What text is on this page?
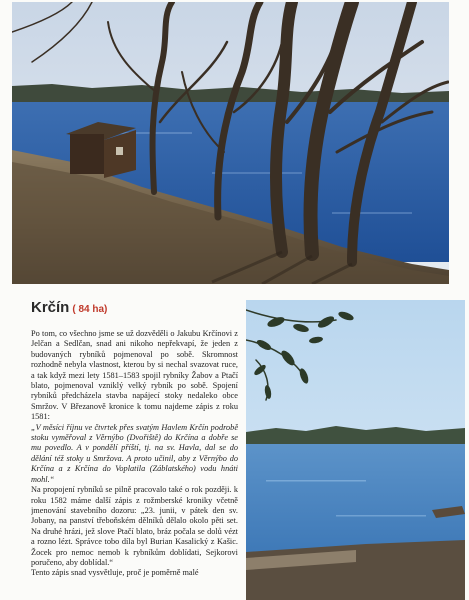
Krčín ( 84 ha)

Po tom, co všechno jsme se už dozvěděli o Jakubu Krčínovi z Jelčan a Sedlčan, snad ani nikoho nepřekvapí, že jeden z budovaných rybníků pojmenoval po sobě. Skromnost rozhodně nebyla vlastnost, kterou by si nechal svazovat ruce, a tak když mezi lety 1581–1583 spojil rybníky Žabov a Ptačí blato, pojmenoval vzniklý velký rybník po sobě. Spojení rybníků předcházela stavba napájecí stoky nedaleko obce Smržov. V Březanově kronice k tomu najdeme zápis z roku 1581:

„V měsíci říjnu ve čtvrtek přes svatým Havlem Krčín podrobě stoku vyměřoval z Věrnýbo (Dvořiště) do Krčína a dobře se mu povedlo. A v pondělí příští, tj. na sv. Havla, dal se do dělání též stoky u Smržova. A proto učinil, aby z Věrnýbo do Krčína a z Krčína do Voplatila (Záblatského) vodu hnáti mohl.“

Na propojení rybníků se pilně pracovalo také o rok později. k roku 1582 máme další zápis z rožmberské kroniky včetně jmenování stavebního dozoru: „23. junii, v pátek den sv. Jobany, na panství třeboňském dělníků dělalo okolo pěti set. Na druhé hrázi, jež slove Ptačí blato, bráz počala se dolů vézt a rozno lézt. Správce tobo díla byl Burian Kasalický z Kašic. Žocek pro nemoc nemob k rybníkům doblídati, Sejkorovi poručeno, aby doblídal.“

Tento zápis snad vysvětluje, proč je poměrně malé
